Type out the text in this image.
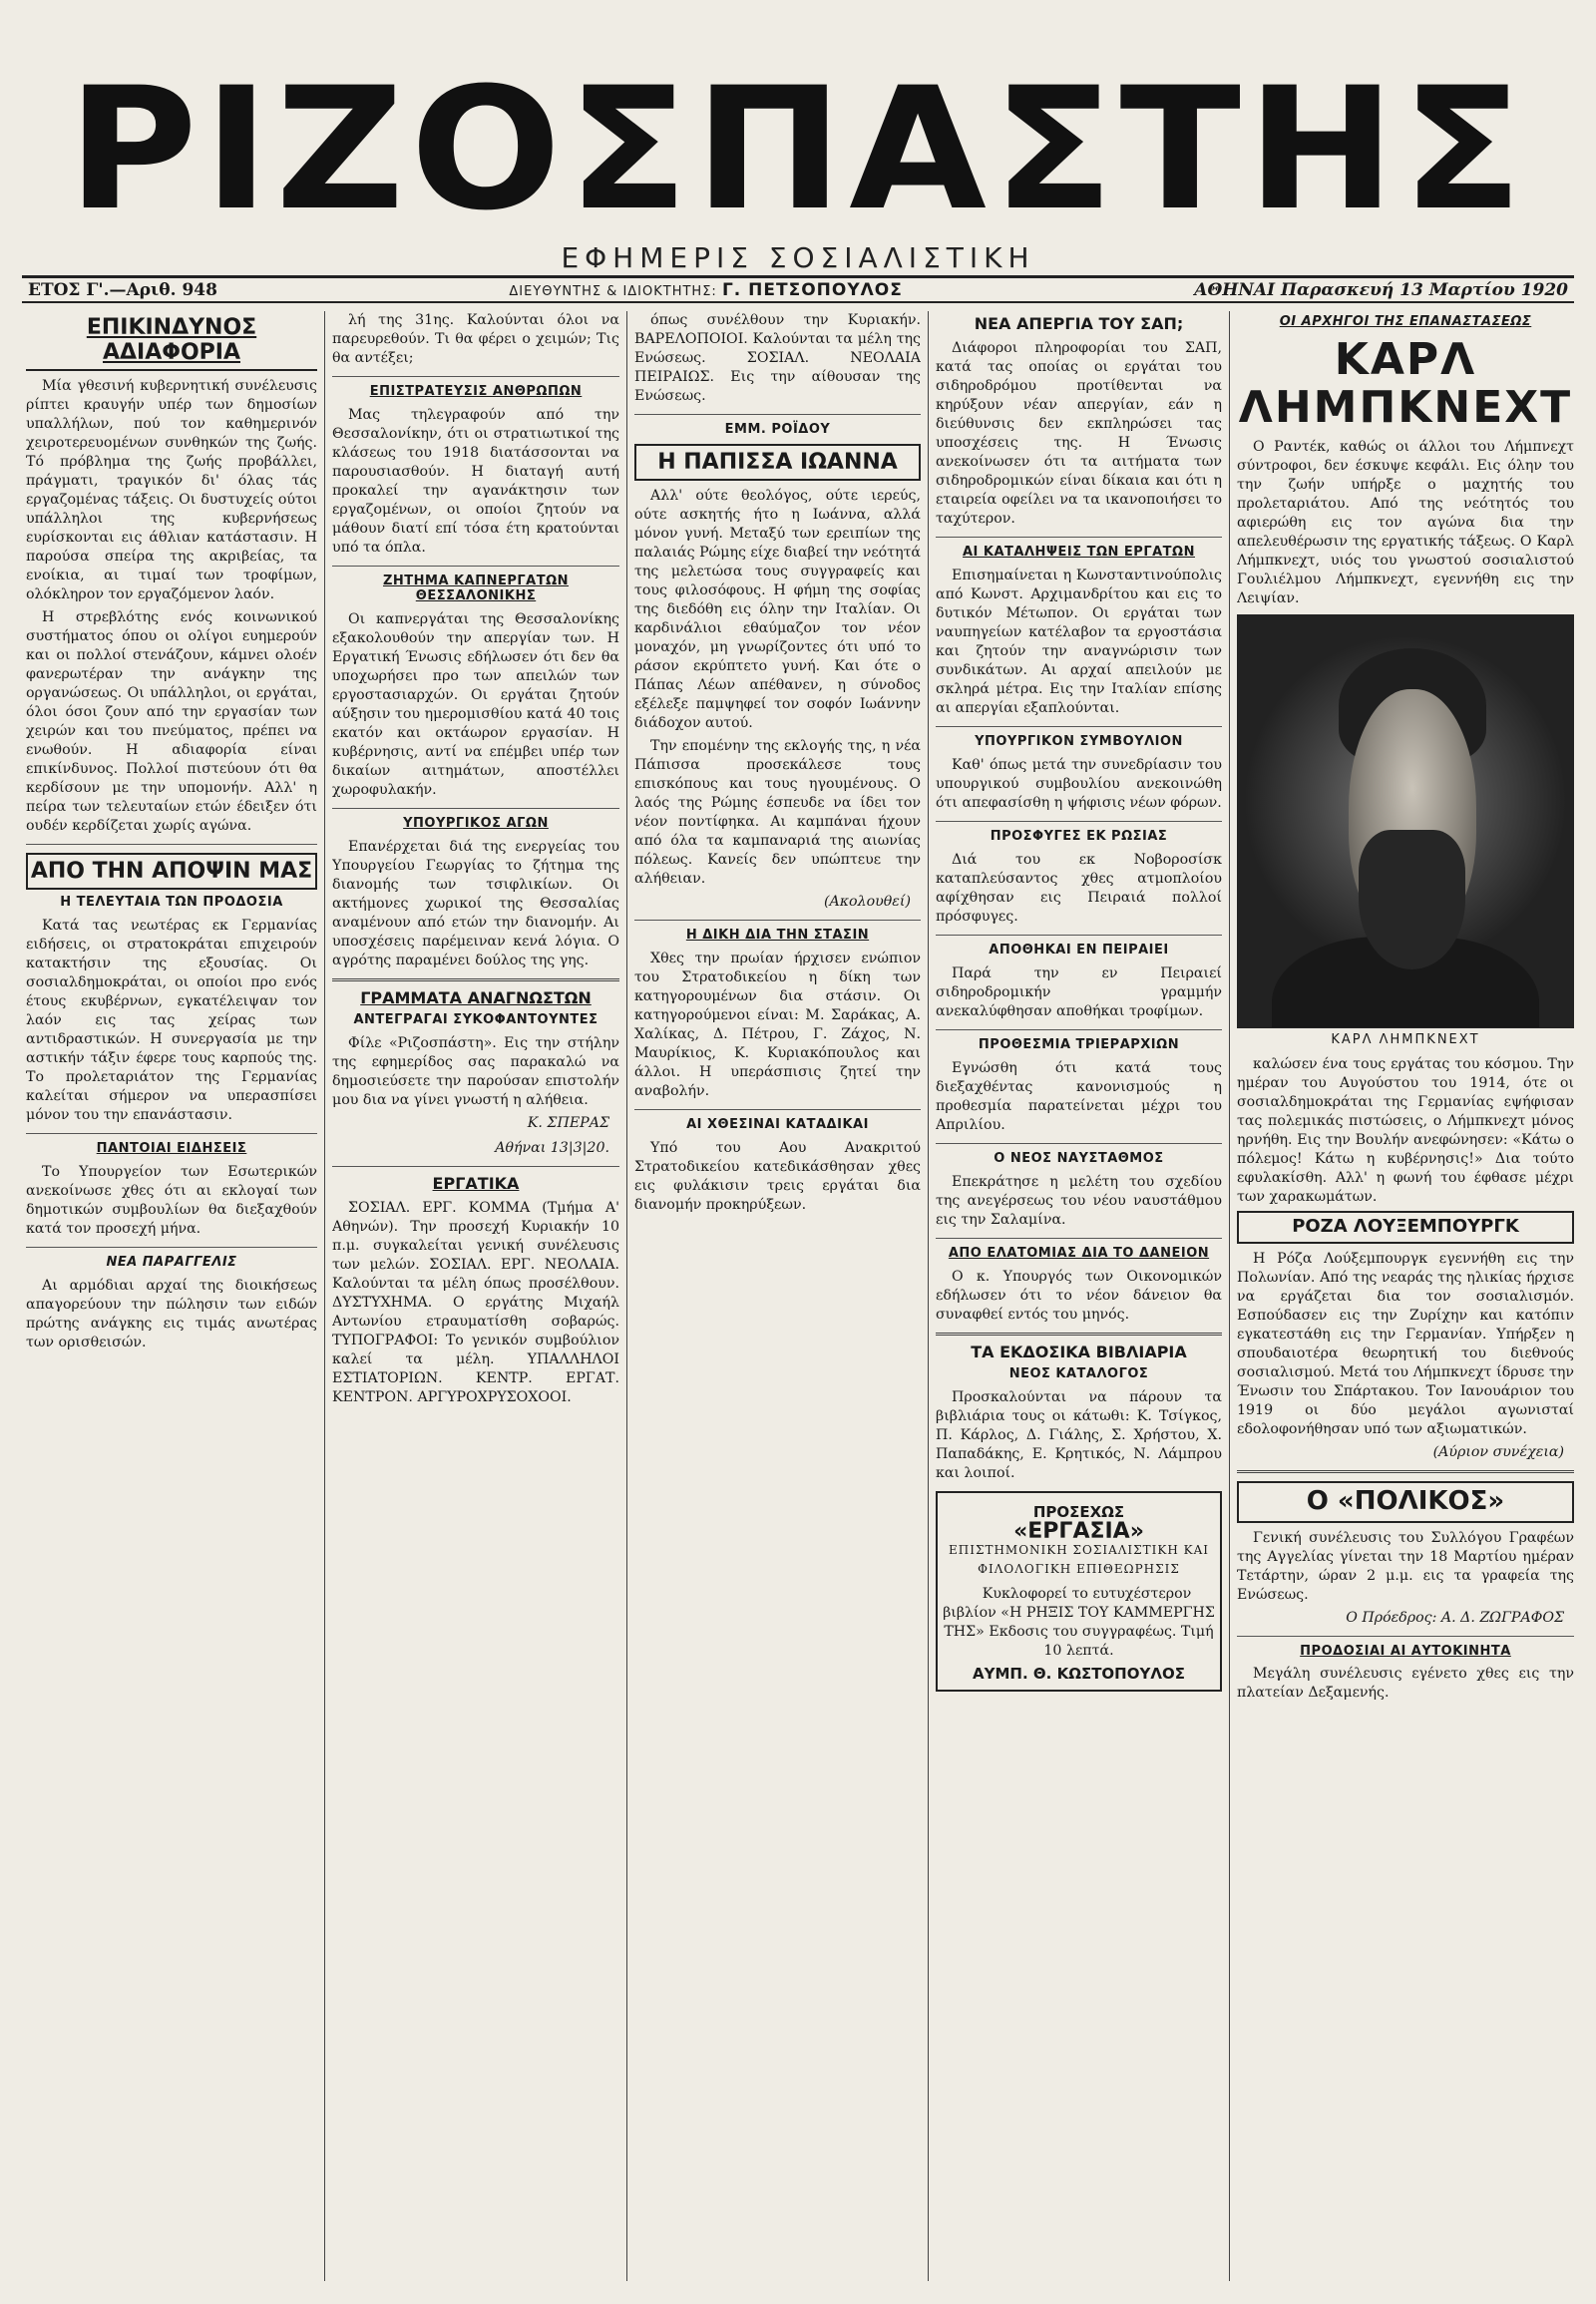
ΡΙΖΟΣΠΑΣΤΗΣ
ΕΦΗΜΕΡΙΣ ΣΟΣΙΑΛΙΣΤΙΚΗ
ΕΤΟΣ Γ'.—Αριθ. 948	ΔΙΕΥΘΥΝΤΗΣ & ΙΔΙΟΚΤΗΤΗΣ: Γ. ΠΕΤΣΟΠΟΥΛΟΣ	ΑΘΗΝΑΙ Παρασκευή 13 Μαρτίου 1920
ΕΠΙΚΙΝΔΥΝΟΣ ΑΔΙΑΦΟΡΙΑ

Μία γθεσινή κυβερνητική συνέλευσις ρίπτει κραυγήν υπέρ των δημοσίων υπαλλήλων, πού τον καθημερινόν χειροτερευομένων συνθηκών της ζωής. Τό πρόβλημα της ζωής προβάλλει, πράγματι, τραγικόν δι' όλας τάς εργαζομένας τάξεις. Οι δυστυχείς ούτοι υπάλληλοι της κυβερνήσεως ευρίσκονται εις άθλιαν κατάστασιν. Η παρούσα σπείρα της ακριβείας, τα ενοίκια, αι τιμαί των τροφίμων, ολόκληρον τον εργαζόμενον λαόν.

Η στρεβλότης ενός κοινωνικού συστήματος όπου οι ολίγοι ευημερούν και οι πολλοί στενάζουν, κάμνει ολοέν φανερωτέραν την ανάγκην της οργανώσεως. Οι υπάλληλοι, οι εργάται, όλοι όσοι ζουν από την εργασίαν των χειρών και του πνεύματος, πρέπει να ενωθούν. Η αδιαφορία είναι επικίνδυνος. Πολλοί πιστεύουν ότι θα κερδίσουν με την υπομονήν. Αλλ' η πείρα των τελευταίων ετών έδειξεν ότι ουδέν κερδίζεται χωρίς αγώνα.

ΑΠΟ ΤΗΝ ΑΠΟΨΙΝ ΜΑΣ
Η ΤΕΛΕΥΤΑΙΑ ΤΩΝ ΠΡΟΔΟΣΙΑ

Κατά τας νεωτέρας εκ Γερμανίας ειδήσεις, οι στρατοκράται επιχειρούν κατακτήσιν της εξουσίας. Οι σοσιαλδημοκράται, οι οποίοι προ ενός έτους εκυβέρνων, εγκατέλειψαν τον λαόν εις τας χείρας των αντιδραστικών. Η συνεργασία με την αστικήν τάξιν έφερε τους καρπούς της. Το προλεταριάτον της Γερμανίας καλείται σήμερον να υπερασπίσει μόνον του την επανάστασιν.

ΠΑΝΤΟΙΑΙ ΕΙΔΗΣΕΙΣ

Το Υπουργείον των Εσωτερικών ανεκοίνωσε χθες ότι αι εκλογαί των δημοτικών συμβουλίων θα διεξαχθούν κατά τον προσεχή μήνα.

ΝΕΑ ΠΑΡΑΓΓΕΛΙΣ

Αι αρμόδιαι αρχαί της διοικήσεως απαγορεύουν την πώλησιν των ειδών πρώτης ανάγκης εις τιμάς ανωτέρας των ορισθεισών.

λή της 31ης. Καλούνται όλοι να παρευρεθούν. Τι θα φέρει ο χειμών; Τις θα αντέξει;

ΕΠΙΣΤΡΑΤΕΥΣΙΣ ΑΝΘΡΩΠΩΝ

Μας τηλεγραφούν από την Θεσσαλονίκην, ότι οι στρατιωτικοί της κλάσεως του 1918 διατάσσονται να παρουσιασθούν. Η διαταγή αυτή προκαλεί την αγανάκτησιν των εργαζομένων, οι οποίοι ζητούν να μάθουν διατί επί τόσα έτη κρατούνται υπό τα όπλα.

ΖΗΤΗΜΑ ΚΑΠΝΕΡΓΑΤΩΝ ΘΕΣΣΑΛΟΝΙΚΗΣ

Οι καπνεργάται της Θεσσαλονίκης εξακολουθούν την απεργίαν των. Η Εργατική Ένωσις εδήλωσεν ότι δεν θα υποχωρήσει προ των απειλών των εργοστασιαρχών. Οι εργάται ζητούν αύξησιν του ημερομισθίου κατά 40 τοις εκατόν και οκτάωρον εργασίαν. Η κυβέρνησις, αντί να επέμβει υπέρ των δικαίων αιτημάτων, αποστέλλει χωροφυλακήν.

ΥΠΟΥΡΓΙΚΟΣ ΑΓΩΝ

Επανέρχεται διά της ενεργείας του Υπουργείου Γεωργίας το ζήτημα της διανομής των τσιφλικίων. Οι ακτήμονες χωρικοί της Θεσσαλίας αναμένουν από ετών την διανομήν. Αι υποσχέσεις παρέμειναν κενά λόγια. Ο αγρότης παραμένει δούλος της γης.

ΓΡΑΜΜΑΤΑ ΑΝΑΓΝΩΣΤΩΝ
ΑΝΤΕΓΡΑΓΑΙ ΣΥΚΟΦΑΝΤΟΥΝΤΕΣ

Φίλε «Ριζοσπάστη». Εις την στήλην της εφημερίδος σας παρακαλώ να δημοσιεύσετε την παρούσαν επιστολήν μου δια να γίνει γνωστή η αλήθεια.

Κ. ΣΠΕΡΑΣ
Αθήναι 13|3|20.
ΕΡΓΑΤΙΚΑ

ΣΟΣΙΑΛ. ΕΡΓ. ΚΟΜΜΑ (Τμήμα Α' Αθηνών). Την προσεχή Κυριακήν 10 π.μ. συγκαλείται γενική συνέλευσις των μελών. ΣΟΣΙΑΛ. ΕΡΓ. ΝΕΟΛΑΙΑ. Καλούνται τα μέλη όπως προσέλθουν. ΔΥΣΤΥΧΗΜΑ. Ο εργάτης Μιχαήλ Αντωνίου ετραυματίσθη σοβαρώς. ΤΥΠΟΓΡΑΦΟΙ: Το γενικόν συμβούλιον καλεί τα μέλη. ΥΠΑΛΛΗΛΟΙ ΕΣΤΙΑΤΟΡΙΩΝ. ΚΕΝΤΡ. ΕΡΓΑΤ. ΚΕΝΤΡΟΝ. ΑΡΓΥΡΟΧΡΥΣΟΧΟΟΙ.

όπως συνέλθουν την Κυριακήν. ΒΑΡΕΛΟΠΟΙΟΙ. Καλούνται τα μέλη της Ενώσεως. ΣΟΣΙΑΛ. ΝΕΟΛΑΙΑ ΠΕΙΡΑΙΩΣ. Εις την αίθουσαν της Ενώσεως.

ΕΜΜ. ΡΟΪΔΟΥ
Η ΠΑΠΙΣΣΑ ΙΩΑΝΝΑ

Αλλ' ούτε θεολόγος, ούτε ιερεύς, ούτε ασκητής ήτο η Ιωάννα, αλλά μόνον γυνή. Μεταξύ των ερειπίων της παλαιάς Ρώμης είχε διαβεί την νεότητά της μελετώσα τους συγγραφείς και τους φιλοσόφους. Η φήμη της σοφίας της διεδόθη εις όλην την Ιταλίαν. Οι καρδινάλιοι εθαύμαζον τον νέον μοναχόν, μη γνωρίζοντες ότι υπό το ράσον εκρύπτετο γυνή. Και ότε ο Πάπας Λέων απέθανεν, η σύνοδος εξέλεξε παμψηφεί τον σοφόν Ιωάννην διάδοχον αυτού.

Την επομένην της εκλογής της, η νέα Πάπισσα προσεκάλεσε τους επισκόπους και τους ηγουμένους. Ο λαός της Ρώμης έσπευδε να ίδει τον νέον ποντίφηκα. Αι καμπάναι ήχουν από όλα τα καμπαναριά της αιωνίας πόλεως. Κανείς δεν υπώπτευε την αλήθειαν.

(Ακολουθεί)
Η ΔΙΚΗ ΔΙΑ ΤΗΝ ΣΤΑΣΙΝ

Χθες την πρωίαν ήρχισεν ενώπιον του Στρατοδικείου η δίκη των κατηγορουμένων δια στάσιν. Οι κατηγορούμενοι είναι: Μ. Σαράκας, Α. Χαλίκας, Δ. Πέτρου, Γ. Ζάχος, Ν. Μαυρίκιος, Κ. Κυριακόπουλος και άλλοι. Η υπεράσπισις ζητεί την αναβολήν.

ΑΙ ΧΘΕΣΙΝΑΙ ΚΑΤΑΔΙΚΑΙ

Υπό του Αου Ανακριτού Στρατοδικείου κατεδικάσθησαν χθες εις φυλάκισιν τρεις εργάται δια διανομήν προκηρύξεων.

ΝΕΑ ΑΠΕΡΓΙΑ ΤΟΥ ΣΑΠ;

Διάφοροι πληροφορίαι του ΣΑΠ, κατά τας οποίας οι εργάται του σιδηροδρόμου προτίθενται να κηρύξουν νέαν απεργίαν, εάν η διεύθυνσις δεν εκπληρώσει τας υποσχέσεις της. Η Ένωσις ανεκοίνωσεν ότι τα αιτήματα των σιδηροδρομικών είναι δίκαια και ότι η εταιρεία οφείλει να τα ικανοποιήσει το ταχύτερον.

ΑΙ ΚΑΤΑΛΗΨΕΙΣ ΤΩΝ ΕΡΓΑΤΩΝ

Επισημαίνεται η Κωνσταντινούπολις από Κωνστ. Αρχιμανδρίτου και εις το δυτικόν Μέτωπον. Οι εργάται των ναυπηγείων κατέλαβον τα εργοστάσια και ζητούν την αναγνώρισιν των συνδικάτων. Αι αρχαί απειλούν με σκληρά μέτρα. Εις την Ιταλίαν επίσης αι απεργίαι εξαπλούνται.

ΥΠΟΥΡΓΙΚΟΝ ΣΥΜΒΟΥΛΙΟΝ

Καθ' όπως μετά την συνεδρίασιν του υπουργικού συμβουλίου ανεκοινώθη ότι απεφασίσθη η ψήφισις νέων φόρων.

ΠΡΟΣΦΥΓΕΣ ΕΚ ΡΩΣΙΑΣ

Διά του εκ Νοβοροσίσκ καταπλεύσαντος χθες ατμοπλοίου αφίχθησαν εις Πειραιά πολλοί πρόσφυγες.

ΑΠΟΘΗΚΑΙ ΕΝ ΠΕΙΡΑΙΕΙ

Παρά την εν Πειραιεί σιδηροδρομικήν γραμμήν ανεκαλύφθησαν αποθήκαι τροφίμων.

ΠΡΟΘΕΣΜΙΑ ΤΡΙΕΡΑΡΧΙΩΝ

Εγνώσθη ότι κατά τους διεξαχθέντας κανονισμούς η προθεσμία παρατείνεται μέχρι του Απριλίου.

Ο ΝΕΟΣ ΝΑΥΣΤΑΘΜΟΣ

Επεκράτησε η μελέτη του σχεδίου της ανεγέρσεως του νέου ναυστάθμου εις την Σαλαμίνα.

ΑΠΟ ΕΛΑΤΟΜΙΑΣ ΔΙΑ ΤΟ ΔΑΝΕΙΟΝ

Ο κ. Υπουργός των Οικονομικών εδήλωσεν ότι το νέον δάνειον θα συναφθεί εντός του μηνός.

ΤΑ ΕΚΔΟΣΙΚΑ ΒΙΒΛΙΑΡΙΑ
ΝΕΟΣ ΚΑΤΑΛΟΓΟΣ

Προσκαλούνται να πάρουν τα βιβλιάρια τους οι κάτωθι: Κ. Τσίγκος, Π. Κάρλος, Δ. Γιάλης, Σ. Χρήστου, Χ. Παπαδάκης, Ε. Κρητικός, Ν. Λάμπρου και λοιποί.

ΠΡΟΣΕΧΩΣ
«ΕΡΓΑΣΙΑ»
ΕΠΙΣΤΗΜΟΝΙΚΗ ΣΟΣΙΑΛΙΣΤΙΚΗ ΚΑΙ ΦΙΛΟΛΟΓΙΚΗ ΕΠΙΘΕΩΡΗΣΙΣ

Κυκλοφορεί το ευτυχέστερον βιβλίον «Η ΡΗΞΙΣ ΤΟΥ ΚΑΜΜΕΡΓΗΣ ΤΗΣ» Εκδοσις του συγγραφέως. Τιμή 10 λεπτά.

ΑΥΜΠ. Θ. ΚΩΣΤΟΠΟΥΛΟΣ
ΟΙ ΑΡΧΗΓΟΙ ΤΗΣ ΕΠΑΝΑΣΤΑΣΕΩΣ
ΚΑΡΛ ΛΗΜΠΚΝΕΧΤ

Ο Ραντέκ, καθώς οι άλλοι του Λήμπνεχτ σύντροφοι, δεν έσκυψε κεφάλι. Εις όλην του την ζωήν υπήρξε ο μαχητής του προλεταριάτου. Από της νεότητός του αφιερώθη εις τον αγώνα δια την απελευθέρωσιν της εργατικής τάξεως. Ο Καρλ Λήμπκνεχτ, υιός του γνωστού σοσιαλιστού Γουλιέλμου Λήμπκνεχτ, εγεννήθη εις την Λειψίαν.

ΚΑΡΛ ΛΗΜΠΚΝΕΧΤ

καλώσεν ένα τους εργάτας του κόσμου. Την ημέραν του Αυγούστου του 1914, ότε οι σοσιαλδημοκράται της Γερμανίας εψήφισαν τας πολεμικάς πιστώσεις, ο Λήμπκνεχτ μόνος ηρνήθη. Εις την Βουλήν ανεφώνησεν: «Κάτω ο πόλεμος! Κάτω η κυβέρνησις!» Δια τούτο εφυλακίσθη. Αλλ' η φωνή του έφθασε μέχρι των χαρακωμάτων.

ΡΟΖΑ ΛΟΥΞΕΜΠΟΥΡΓΚ

Η Ρόζα Λούξεμπουργκ εγεννήθη εις την Πολωνίαν. Από της νεαράς της ηλικίας ήρχισε να εργάζεται δια τον σοσιαλισμόν. Εσπούδασεν εις την Ζυρίχην και κατόπιν εγκατεστάθη εις την Γερμανίαν. Υπήρξεν η σπουδαιοτέρα θεωρητική του διεθνούς σοσιαλισμού. Μετά του Λήμπκνεχτ ίδρυσε την Ένωσιν του Σπάρτακου. Τον Ιανουάριον του 1919 οι δύο μεγάλοι αγωνισταί εδολοφονήθησαν υπό των αξιωματικών.

(Αύριον συνέχεια)
Ο «ΠΟΛΙΚΟΣ»

Γενική συνέλευσις του Συλλόγου Γραφέων της Αγγελίας γίνεται την 18 Μαρτίου ημέραν Τετάρτην, ώραν 2 μ.μ. εις τα γραφεία της Ενώσεως.

Ο Πρόεδρος: Α. Δ. ΖΩΓΡΑΦΟΣ
ΠΡΟΔΟΣΙΑΙ ΑΙ ΑΥΤΟΚΙΝΗΤΑ

Μεγάλη συνέλευσις εγένετο χθες εις την πλατείαν Δεξαμενής.
